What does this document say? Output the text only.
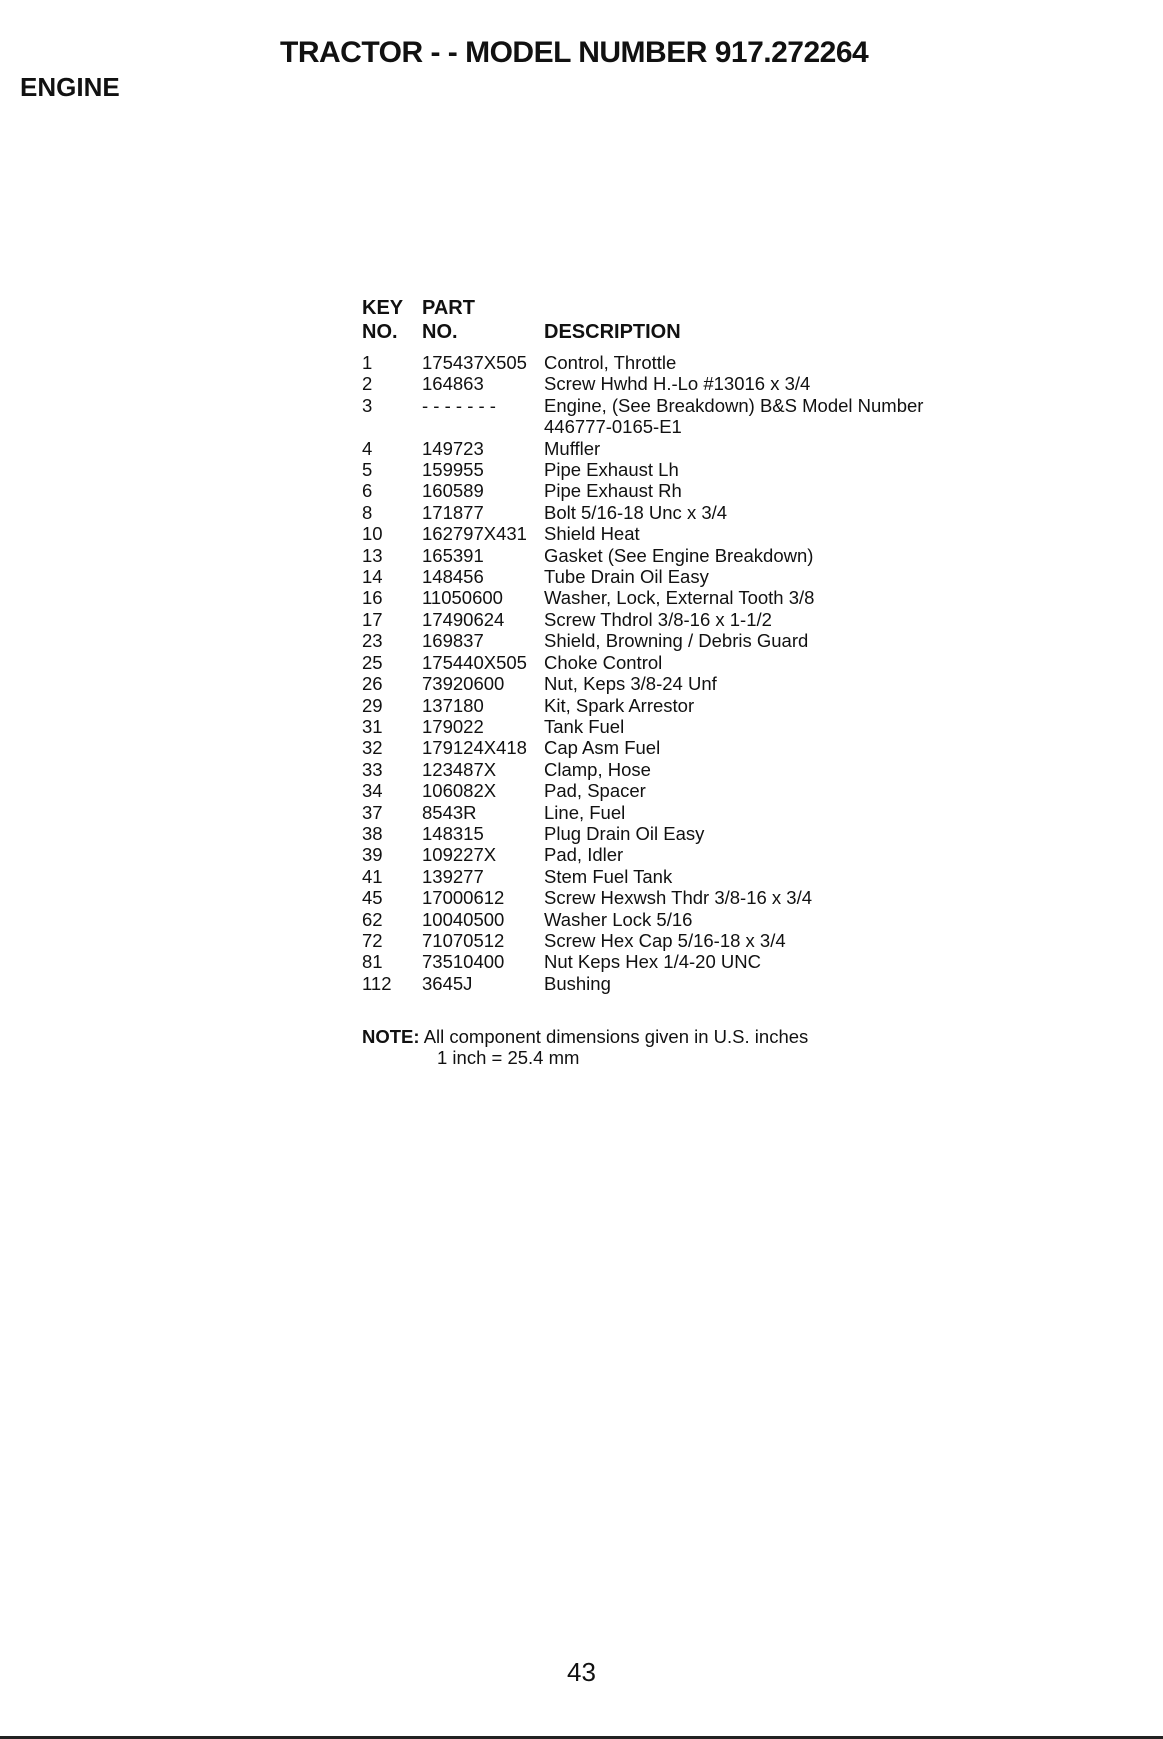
TRACTOR - - MODEL NUMBER 917.272264
ENGINE
KEY PART
NO. NO.	DESCRIPTION
1	175437X505 Control, Throttle
2	164863	Screw Hwhd H.-Lo #13016 x 3/4
3	- - - - - - -	Engine, (See Breakdown) B&S Model Number
446777-0165-E1
4	149723	Muffler
5	159955	Pipe Exhaust Lh
6	160589	Pipe Exhaust Rh
8	171877	Bolt 5/16-18 Unc x 3/4
10	162797X431 Shield Heat
13	165391	Gasket (See Engine Breakdown)
14	148456	Tube Drain Oil Easy
16	11050600	Washer, Lock, External Tooth 3/8
17	17490624	Screw Thdrol 3/8-16 x 1-1/2
23	169837	Shield, Browning / Debris Guard
25	175440X505 Choke Control
26	73920600	Nut, Keps 3/8-24 Unf
29	137180	Kit, Spark Arrestor
31	179022	Tank Fuel
32	179124X418 Cap Asm Fuel
33	123487X	Clamp, Hose
34	106082X	Pad, Spacer
37	8543R	Line, Fuel
38	148315	Plug Drain Oil Easy
39	109227X	Pad, Idler
41	139277	Stem Fuel Tank
45	17000612	Screw Hexwsh Thdr 3/8-16 x 3/4
62	10040500	Washer Lock 5/16
72	71070512	Screw Hex Cap 5/16-18 x 3/4
81	73510400	Nut Keps Hex 1/4-20 UNC
112	3645J	Bushing
NOTE: All component dimensions given in U.S. inches
1 inch = 25.4 mm
43
